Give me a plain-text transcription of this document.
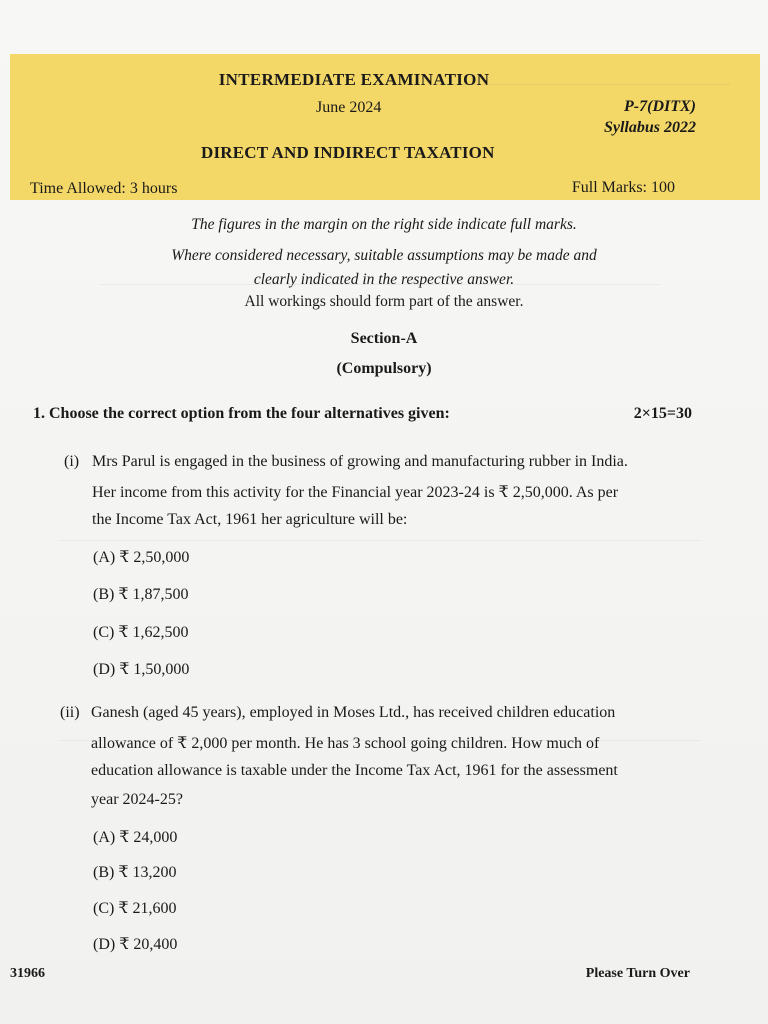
INTERMEDIATE EXAMINATION
June 2024	P-7(DITX)
Syllabus 2022
DIRECT AND INDIRECT TAXATION
Time Allowed: 3 hours	Full Marks: 100
The figures in the margin on the right side indicate full marks.
Where considered necessary, suitable assumptions may be made and
clearly indicated in the respective answer.
All workings should form part of the answer.
Section-A
(Compulsory)
1. Choose the correct option from the four alternatives given:	2×15=30
(i) Mrs Parul is engaged in the business of growing and manufacturing rubber in India.
Her income from this activity for the Financial year 2023-24 is ₹ 2,50,000. As per
the Income Tax Act, 1961 her agriculture will be:
(A) ₹ 2,50,000
(B) ₹ 1,87,500
(C) ₹ 1,62,500
(D) ₹ 1,50,000
(ii) Ganesh (aged 45 years), employed in Moses Ltd., has received children education
allowance of ₹ 2,000 per month. He has 3 school going children. How much of
education allowance is taxable under the Income Tax Act, 1961 for the assessment
year 2024-25?
(A) ₹ 24,000
(B) ₹ 13,200
(C) ₹ 21,600
(D) ₹ 20,400
31966	Please Turn Over
